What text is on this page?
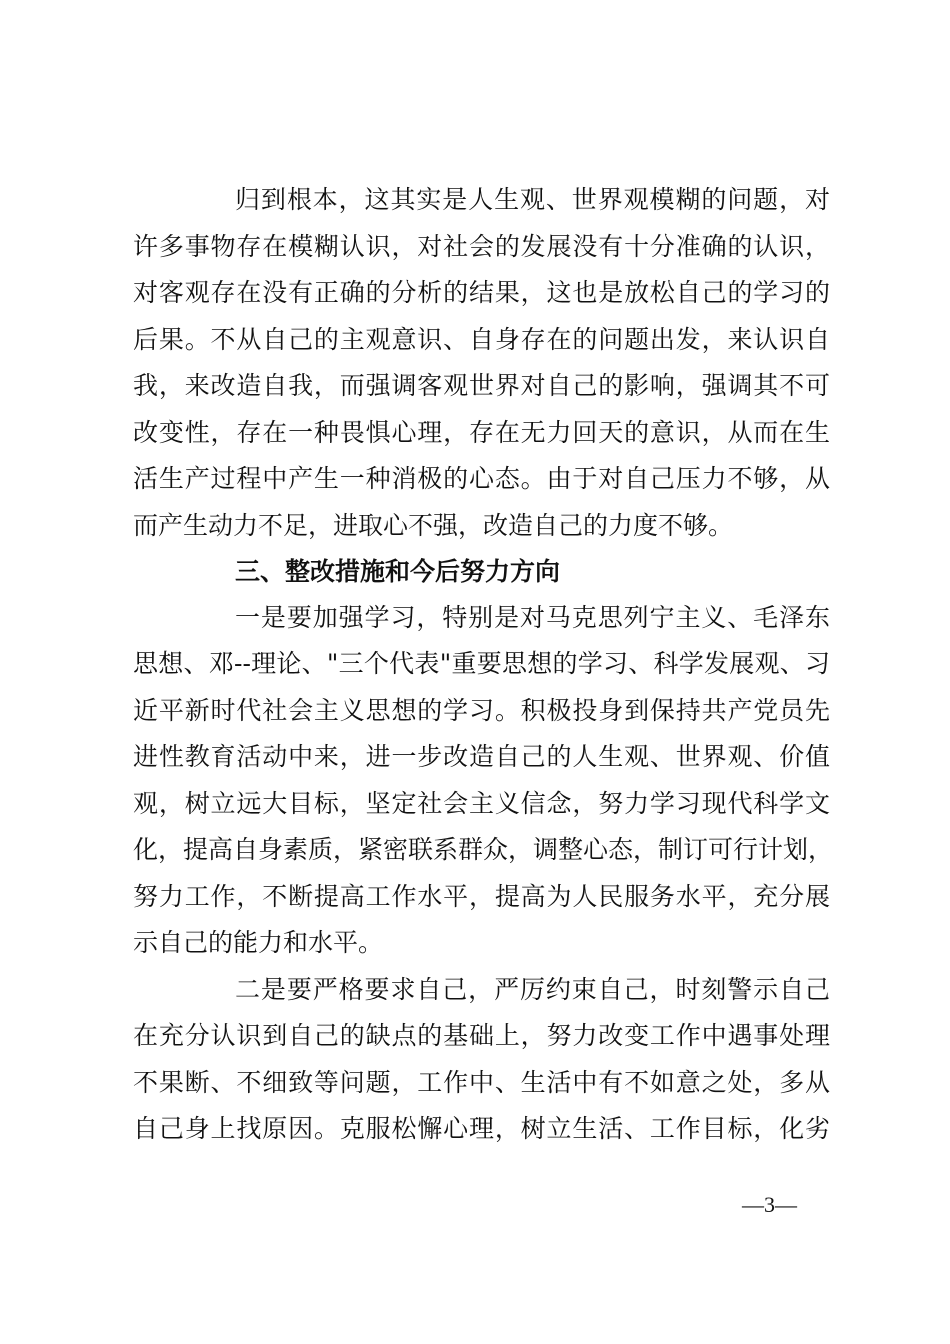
归到根本，这其实是人生观、世界观模糊的问题，对
许多事物存在模糊认识，对社会的发展没有十分准确的认识，
对客观存在没有正确的分析的结果，这也是放松自己的学习的
后果。不从自己的主观意识、自身存在的问题出发，来认识自
我，来改造自我，而强调客观世界对自己的影响，强调其不可
改变性，存在一种畏惧心理，存在无力回天的意识，从而在生
活生产过程中产生一种消极的心态。由于对自己压力不够，从
而产生动力不足，进取心不强，改造自己的力度不够。
三、整改措施和今后努力方向
一是要加强学习，特别是对马克思列宁主义、毛泽东
思想、邓--理论、"三个代表"重要思想的学习、科学发展观、习
近平新时代社会主义思想的学习。积极投身到保持共产党员先
进性教育活动中来，进一步改造自己的人生观、世界观、价值
观，树立远大目标，坚定社会主义信念，努力学习现代科学文
化，提高自身素质，紧密联系群众，调整心态，制订可行计划，
努力工作，不断提高工作水平，提高为人民服务水平，充分展
示自己的能力和水平。
二是要严格要求自己，严厉约束自己，时刻警示自己
在充分认识到自己的缺点的基础上，努力改变工作中遇事处理
不果断、不细致等问题，工作中、生活中有不如意之处，多从
自己身上找原因。克服松懈心理，树立生活、工作目标，化劣
—3—
